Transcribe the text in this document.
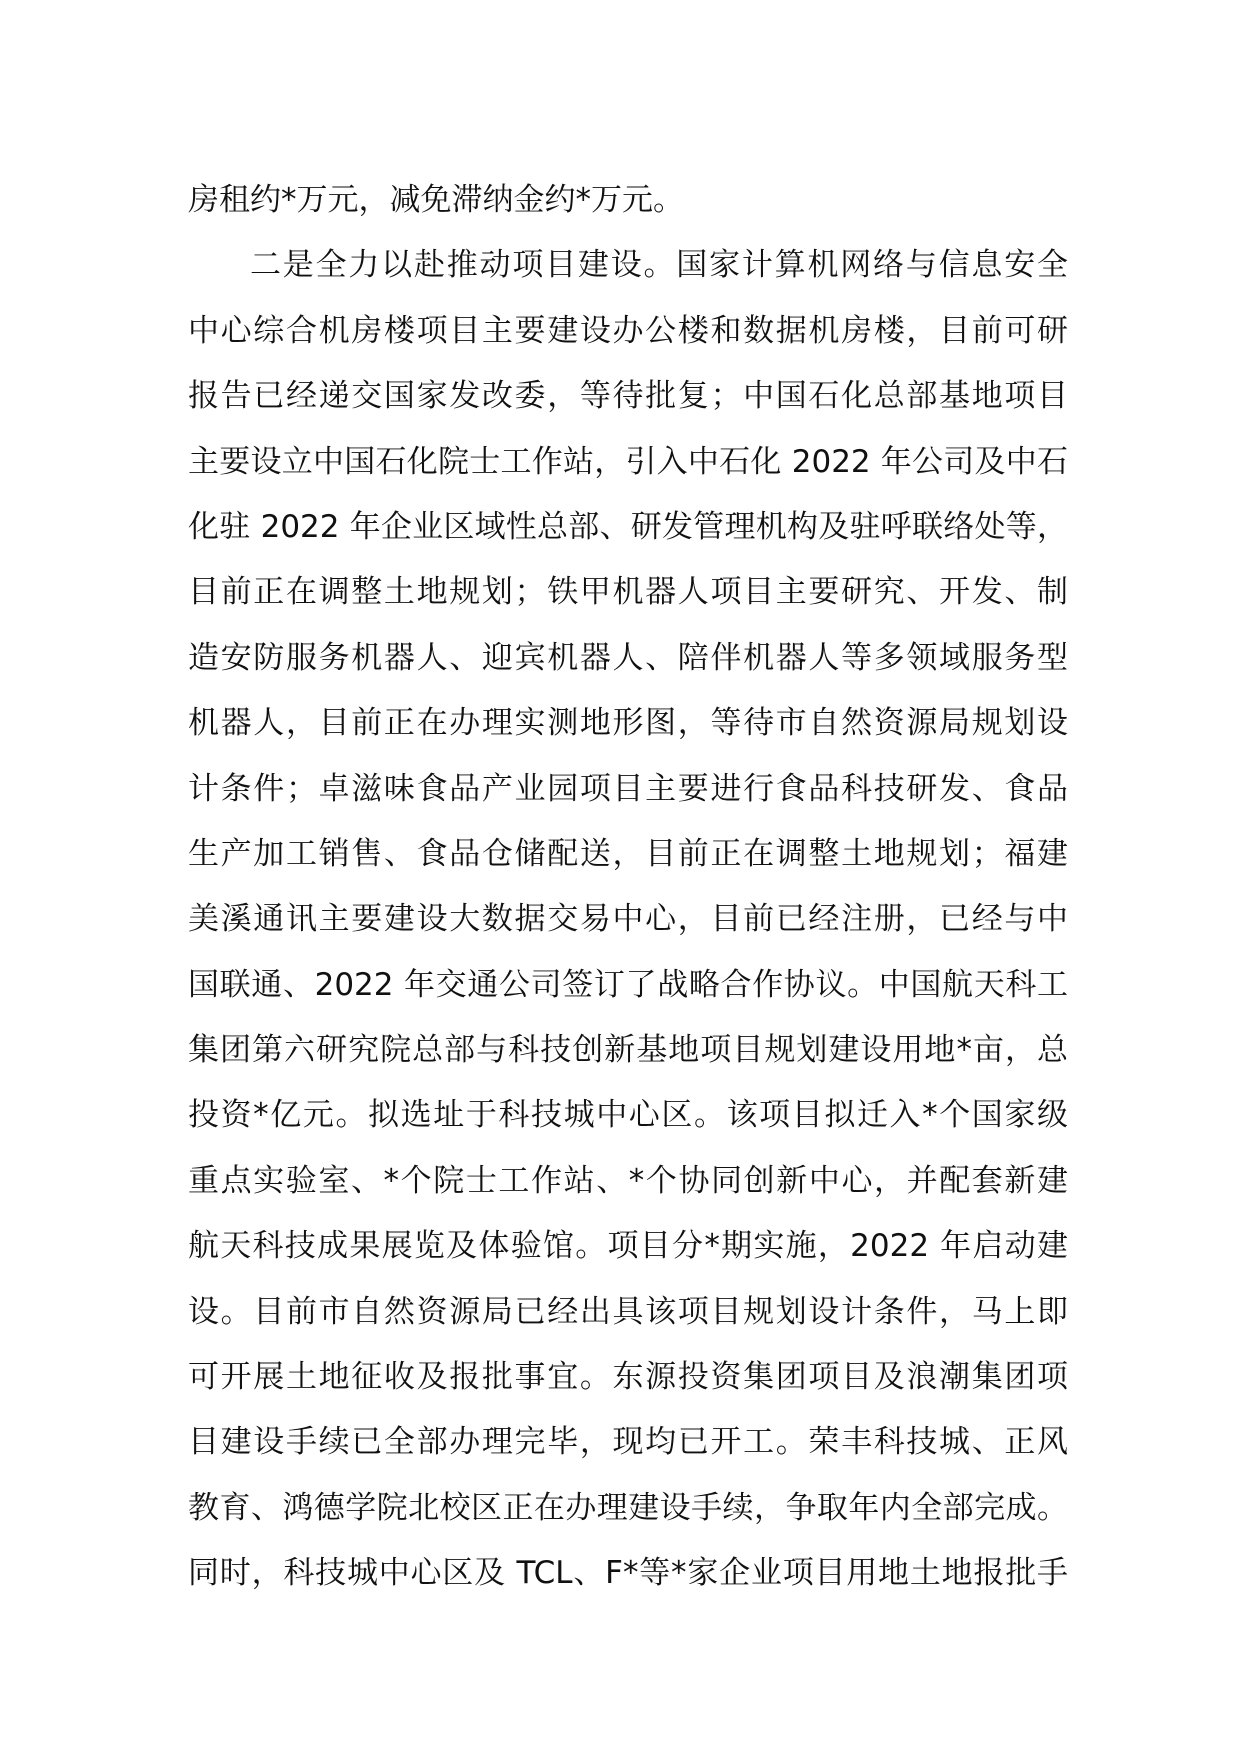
房租约*万元，减免滞纳金约*万元。
二是全力以赴推动项目建设。国家计算机网络与信息安全
中心综合机房楼项目主要建设办公楼和数据机房楼，目前可研
报告已经递交国家发改委，等待批复；中国石化总部基地项目
主要设立中国石化院士工作站，引入中石化 2022 年公司及中石
化驻 2022 年企业区域性总部、研发管理机构及驻呼联络处等，
目前正在调整土地规划；铁甲机器人项目主要研究、开发、制
造安防服务机器人、迎宾机器人、陪伴机器人等多领域服务型
机器人，目前正在办理实测地形图，等待市自然资源局规划设
计条件；卓滋味食品产业园项目主要进行食品科技研发、食品
生产加工销售、食品仓储配送，目前正在调整土地规划；福建
美溪通讯主要建设大数据交易中心，目前已经注册，已经与中
国联通、2022 年交通公司签订了战略合作协议。中国航天科工
集团第六研究院总部与科技创新基地项目规划建设用地*亩，总
投资*亿元。拟选址于科技城中心区。该项目拟迁入*个国家级
重点实验室、*个院士工作站、*个协同创新中心，并配套新建
航天科技成果展览及体验馆。项目分*期实施，2022 年启动建
设。目前市自然资源局已经出具该项目规划设计条件，马上即
可开展土地征收及报批事宜。东源投资集团项目及浪潮集团项
目建设手续已全部办理完毕，现均已开工。荣丰科技城、正风
教育、鸿德学院北校区正在办理建设手续，争取年内全部完成。
同时，科技城中心区及 TCL、F*等*家企业项目用地土地报批手
